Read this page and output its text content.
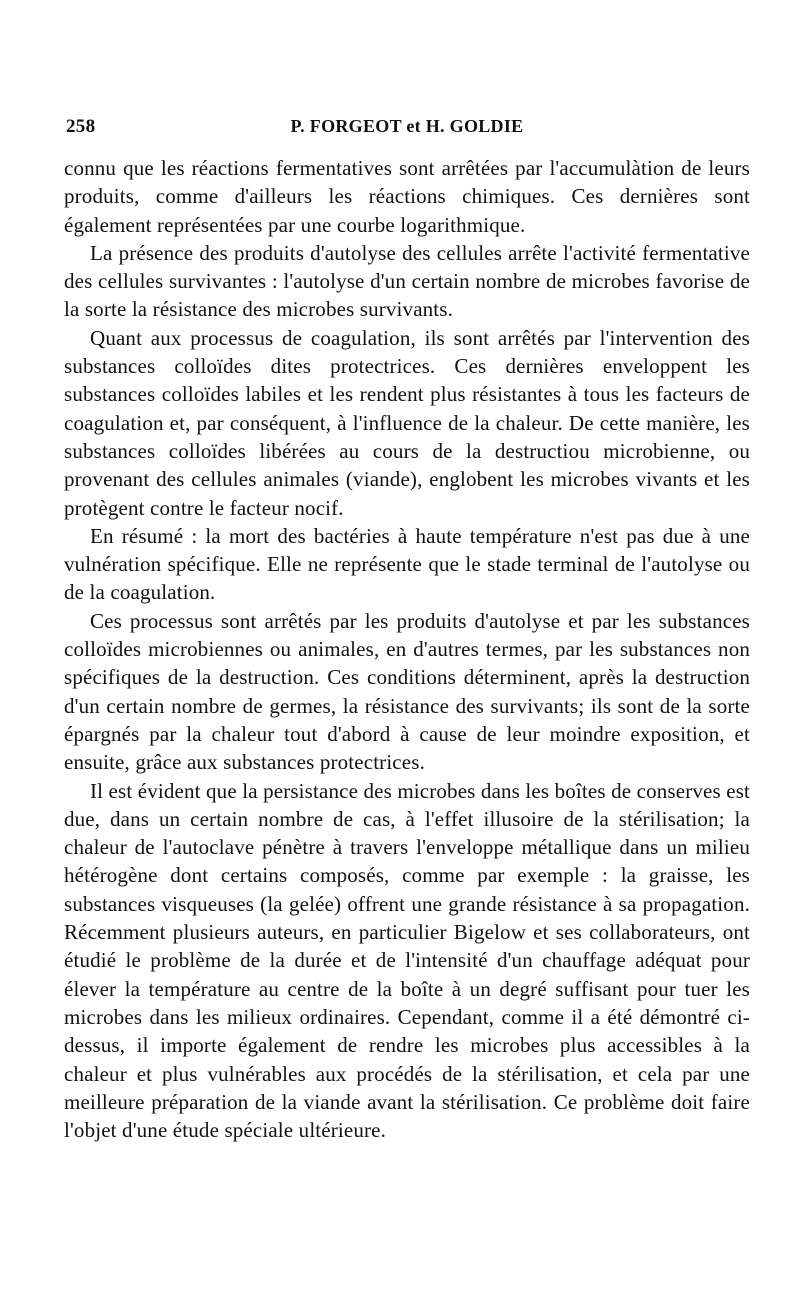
258	P. FORGEOT et H. GOLDIE

connu que les réactions fermentatives sont arrêtées par l'accumulàtion de leurs produits, comme d'ailleurs les réactions chimiques. Ces dernières sont également représentées par une courbe logarithmique.

La présence des produits d'autolyse des cellules arrête l'activité fermentative des cellules survivantes : l'autolyse d'un certain nombre de microbes favorise de la sorte la résistance des microbes survivants.

Quant aux processus de coagulation, ils sont arrêtés par l'intervention des substances colloïdes dites protectrices. Ces dernières enveloppent les substances colloïdes labiles et les rendent plus résistantes à tous les facteurs de coagulation et, par conséquent, à l'influence de la chaleur. De cette manière, les substances colloïdes libérées au cours de la destructiou microbienne, ou provenant des cellules animales (viande), englobent les microbes vivants et les protègent contre le facteur nocif.

En résumé : la mort des bactéries à haute température n'est pas due à une vulnération spécifique. Elle ne représente que le stade terminal de l'autolyse ou de la coagulation.

Ces processus sont arrêtés par les produits d'autolyse et par les substances colloïdes microbiennes ou animales, en d'autres termes, par les substances non spécifiques de la destruction. Ces conditions déterminent, après la destruction d'un certain nombre de germes, la résistance des survivants; ils sont de la sorte épargnés par la chaleur tout d'abord à cause de leur moindre exposition, et ensuite, grâce aux substances protectrices.

Il est évident que la persistance des microbes dans les boîtes de conserves est due, dans un certain nombre de cas, à l'effet illusoire de la stérilisation; la chaleur de l'autoclave pénètre à travers l'enveloppe métallique dans un milieu hétérogène dont certains composés, comme par exemple : la graisse, les substances visqueuses (la gelée) offrent une grande résistance à sa propagation. Récemment plusieurs auteurs, en particulier Bigelow et ses collaborateurs, ont étudié le problème de la durée et de l'intensité d'un chauffage adéquat pour élever la température au centre de la boîte à un degré suffisant pour tuer les microbes dans les milieux ordinaires. Cependant, comme il a été démontré ci-dessus, il importe également de rendre les microbes plus accessibles à la chaleur et plus vulnérables aux procédés de la stérilisation, et cela par une meilleure préparation de la viande avant la stérilisation. Ce problème doit faire l'objet d'une étude spéciale ultérieure.
